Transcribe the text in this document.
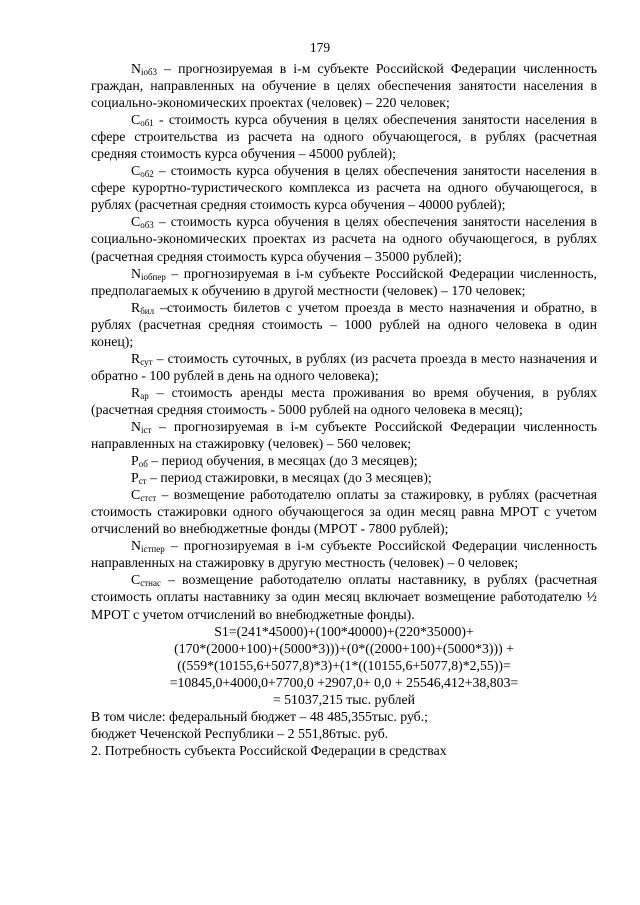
179

$N_{іоб3}$ – прогнозируемая в i-м субъекте Российской Федерации численность граждан, направленных на обучение в целях обеспечения занятости населения в социально-экономических проектах (человек) – 220 человек;

$C_{об1}$ - стоимость курса обучения в целях обеспечения занятости населения в сфере строительства из расчета на одного обучающегося, в рублях (расчетная средняя стоимость курса обучения – 45000 рублей);

$C_{об2}$ – стоимость курса обучения в целях обеспечения занятости населения в сфере курортно-туристического комплекса из расчета на одного обучающегося, в рублях (расчетная средняя стоимость курса обучения – 40000 рублей);

$C_{об3}$ – стоимость курса обучения в целях обеспечения занятости населения в социально-экономических проектах из расчета на одного обучающегося, в рублях (расчетная средняя стоимость курса обучения – 35000 рублей);

$N_{іобпер}$ – прогнозируемая в i-м субъекте Российской Федерации численность, предполагаемых к обучению в другой местности (человек) – 170 человек;

$R_{бил}$ –стоимость билетов с учетом проезда в место назначения и обратно, в рублях (расчетная средняя стоимость – 1000 рублей на одного человека в один конец);

$R_{сут}$ – стоимость суточных, в рублях (из расчета проезда в место назначения и обратно - 100 рублей в день на одного человека);

$R_{ар}$ – стоимость аренды места проживания во время обучения, в рублях (расчетная средняя стоимость - 5000 рублей на одного человека в месяц);

$N_{іст}$ – прогнозируемая в i-м субъекте Российской Федерации численность направленных на стажировку (человек) – 560 человек;

$P_{об}$ – период обучения, в месяцах (до 3 месяцев);

$P_{ст}$ – период стажировки, в месяцах (до 3 месяцев);

$C_{стст}$ – возмещение работодателю оплаты за стажировку, в рублях (расчетная стоимость стажировки одного обучающегося за один месяц равна МРОТ с учетом отчислений во внебюджетные фонды (МРОТ - 7800 рублей);

$N_{істпер}$ – прогнозируемая в i-м субъекте Российской Федерации численность направленных на стажировку в другую местность (человек) – 0 человек;

$C_{стнас}$ – возмещение работодателю оплаты наставнику, в рублях (расчетная стоимость оплаты наставнику за один месяц включает возмещение работодателю ½ МРОТ с учетом отчислений во внебюджетные фонды).

S1=(241*45000)+(100*40000)+(220*35000)+

(170*(2000+100)+(5000*3)))+(0*((2000+100)+(5000*3))) +

((559*(10155,6+5077,8)*3)+(1*((10155,6+5077,8)*2,55))=

=10845,0+4000,0+7700,0 +2907,0+ 0,0 + 25546,412+38,803=

= 51037,215 тыс. рублей

В том числе: федеральный бюджет – 48 485,355тыс. руб.;

бюджет Чеченской Республики – 2 551,86тыс. руб.

2. Потребность субъекта Российской Федерации в средствах
